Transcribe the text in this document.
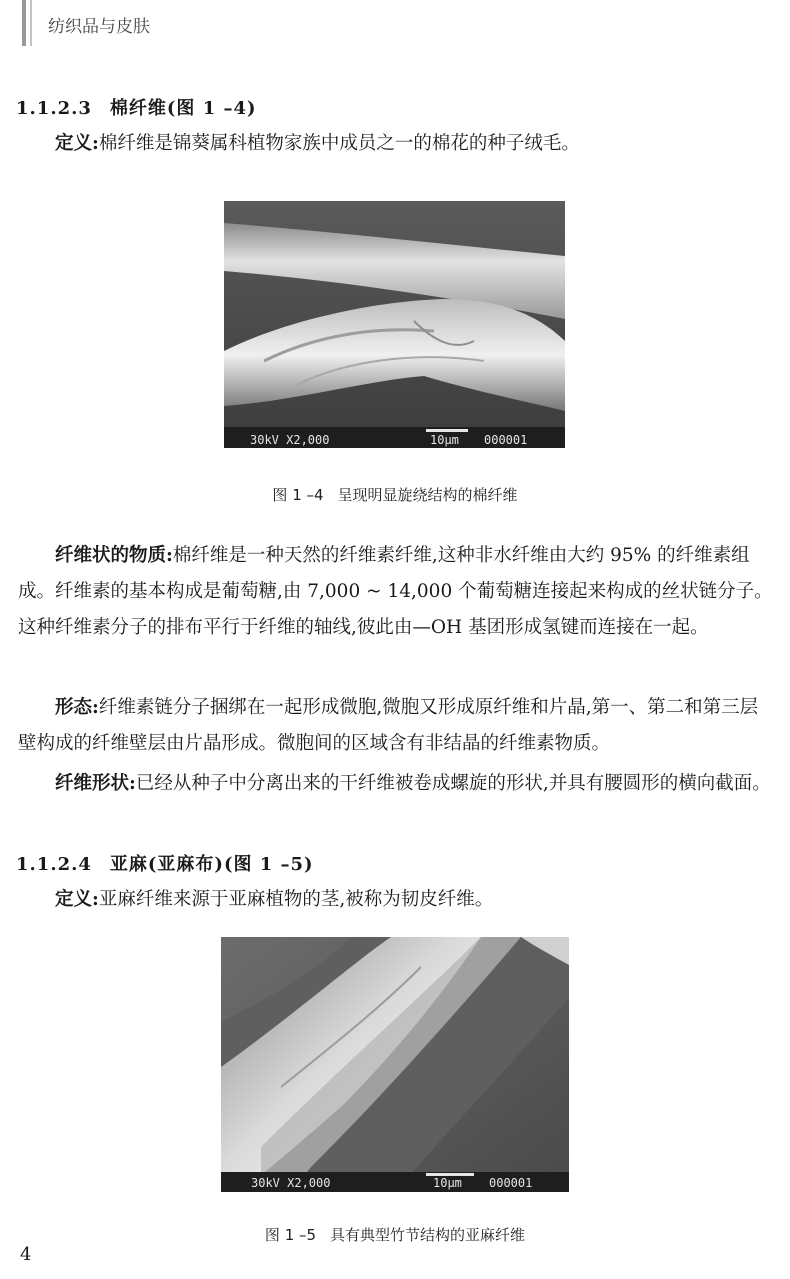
纺织品与皮肤
1.1.2.3 棉纤维(图 1 –4)

定义:棉纤维是锦葵属科植物家族中成员之一的棉花的种子绒毛。

30kV X2,000	10μm 000001
图 1 –4 呈现明显旋绕结构的棉纤维

纤维状的物质:棉纤维是一种天然的纤维素纤维,这种非水纤维由大约 95% 的纤维素组成。纤维素的基本构成是葡萄糖,由 7,000 ~ 14,000 个葡萄糖连接起来构成的丝状链分子。这种纤维素分子的排布平行于纤维的轴线,彼此由—OH 基团形成氢键而连接在一起。

形态:纤维素链分子捆绑在一起形成微胞,微胞又形成原纤维和片晶,第一、第二和第三层壁构成的纤维壁层由片晶形成。微胞间的区域含有非结晶的纤维素物质。

纤维形状:已经从种子中分离出来的干纤维被卷成螺旋的形状,并具有腰圆形的横向截面。

1.1.2.4 亚麻(亚麻布)(图 1 –5)

定义:亚麻纤维来源于亚麻植物的茎,被称为韧皮纤维。

30kV X2,000	10μm 000001
图 1 –5 具有典型竹节结构的亚麻纤维
4
